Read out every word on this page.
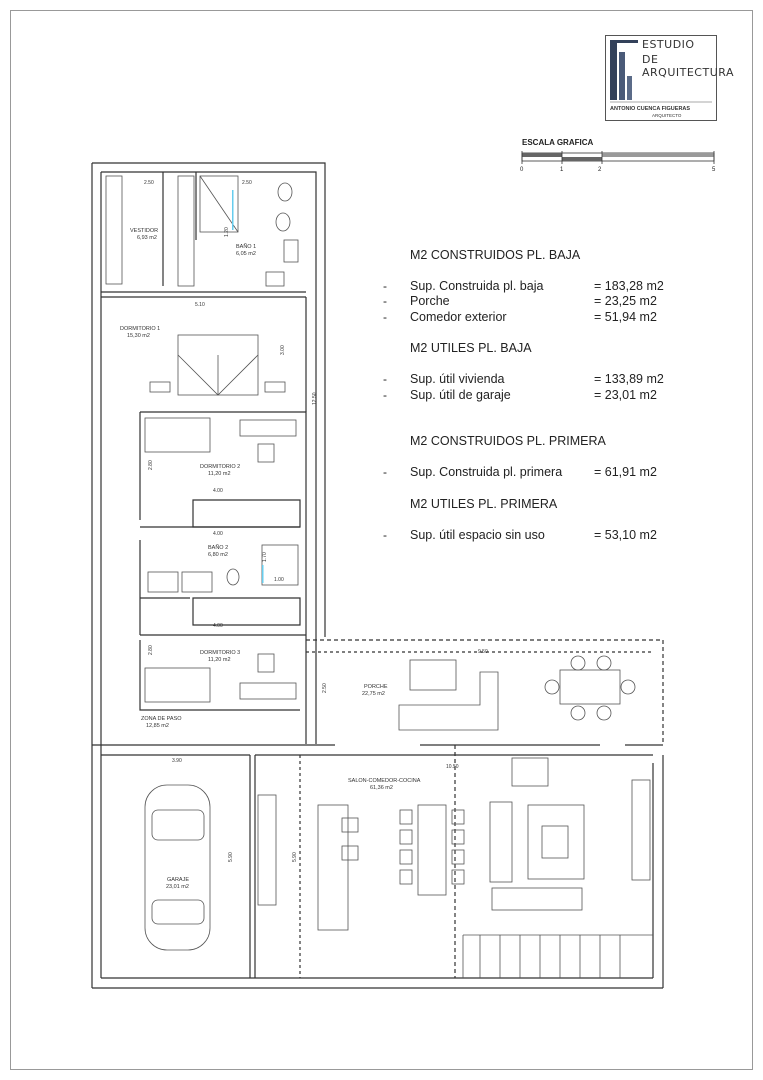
ESTUDIO
DE
ARQUITECTURA
ANTONIO CUENCA FIGUERAS
ARQUITECTO
ESCALA GRAFICA
0	1	2	5
M2 CONSTRUIDOS PL. BAJA
- Sup. Construida pl. baja	= 183,28 m2
- Porche	= 23,25 m2
- Comedor exterior	= 51,94 m2
M2 UTILES PL. BAJA
- Sup. útil vivienda	= 133,89 m2
- Sup. útil de garaje	= 23,01 m2
M2 CONSTRUIDOS PL. PRIMERA
- Sup. Construida pl. primera	= 61,91 m2
M2 UTILES PL. PRIMERA
- Sup. útil espacio sin uso	= 53,10 m2
VESTIDOR
6,93 m2
BAÑO 1
6,05 m2
DORMITORIO 1
15,30 m2
DORMITORIO 2
11,20 m2
BAÑO 2
6,80 m2
DORMITORIO 3
11,20 m2
ZONA DE PASO
12,85 m2
PORCHE
22,75 m2
GARAJE
23,01 m2
SALON-COMEDOR-COCINA
61,36 m2
2.50	2.50
5.10
3.00
12.50
4.00
4.00
4.00
2.80
2.80
1.70
1.00
9.50
2.50
3.90
10.50
5.90	5.90
1.20
